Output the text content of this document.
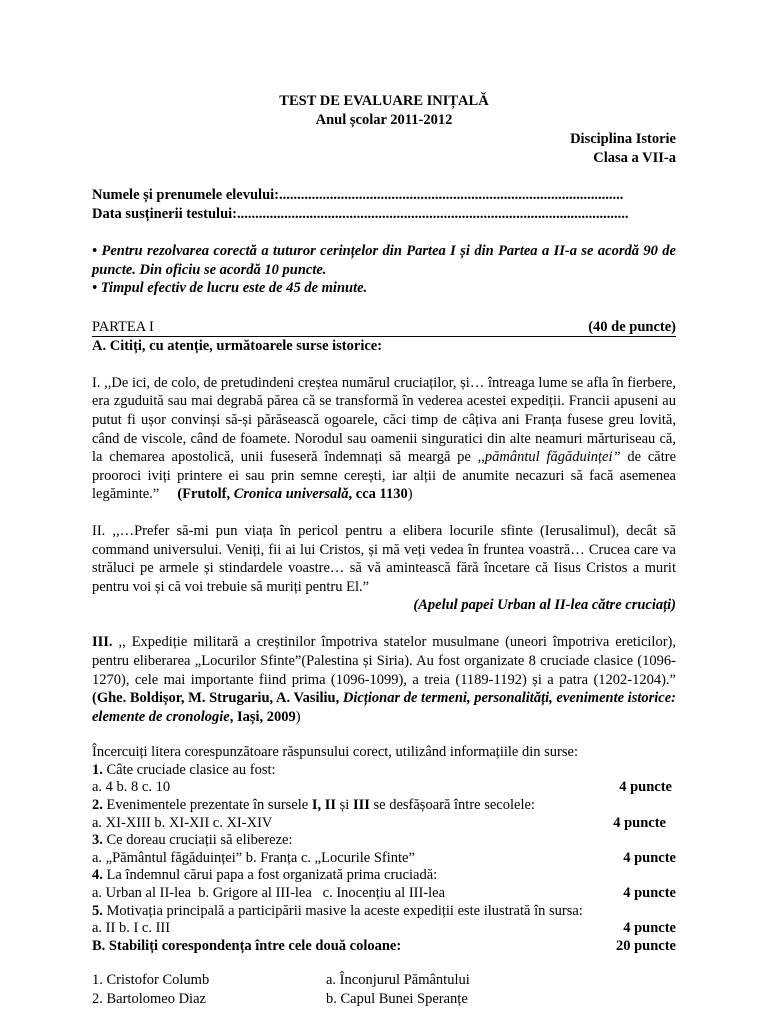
TEST DE EVALUARE INIȚALĂ
Anul școlar 2011-2012
Disciplina Istorie
Clasa a VII-a
Numele și prenumele elevului:...............................................................................................
Data susținerii testului:............................................................................................................
• Pentru rezolvarea corectă a tuturor cerințelor din Partea I și din Partea a II-a se acordă 90 de puncte. Din oficiu se acordă 10 puncte.
• Timpul efectiv de lucru este de 45 de minute.
PARTEA I	(40 de puncte)
A. Citiți, cu atenție, următoarele surse istorice:
I. ,,De ici, de colo, de pretudindeni creștea numărul cruciaților, și… întreaga lume se afla în fierbere, era zguduită sau mai degrabă părea că se transformă în vederea acestei expediții. Francii apuseni au putut fi ușor convinși să-și părăsească ogoarele, căci timp de câțiva ani Franța fusese greu lovită, când de viscole, când de foamete. Norodul sau oamenii singuratici din alte neamuri mărturiseau că, la chemarea apostolică, unii fuseseră îndemnați să meargă pe ,,pământul făgăduinței” de către prooroci iviți printere ei sau prin semne cerești, iar alții de anumite necazuri să facă asemenea legăminte.” (Frutolf, Cronica universală, cca 1130)
II. ,,…Prefer să-mi pun viața în pericol pentru a elibera locurile sfinte (Ierusalimul), decât să command universului. Veniți, fii ai lui Cristos, și mă veți vedea în fruntea voastră… Crucea care va străluci pe armele și stindardele voastre… să vă amintească fără încetare că Iisus Cristos a murit pentru voi și că voi trebuie să muriți pentru El.”
(Apelul papei Urban al II-lea către cruciați)
III. ,, Expediție militară a creștinilor împotriva statelor musulmane (uneori împotriva ereticilor), pentru eliberarea „Locurilor Sfinte”(Palestina și Siria). Au fost organizate 8 cruciade clasice (1096-1270), cele mai importante fiind prima (1096-1099), a treia (1189-1192) și a patra (1202-1204).” (Ghe. Boldișor, M. Strugariu, A. Vasiliu, Dicționar de termeni, personalități, evenimente istorice: elemente de cronologie, Iași, 2009)
Încercuiți litera corespunzătoare răspunsului corect, utilizând informațiile din surse:
1. Câte cruciade clasice au fost:
a. 4 b. 8 c. 10	4 puncte
2. Evenimentele prezentate în sursele I, II și III se desfășoară între secolele:
a. XI-XIII b. XI-XII c. XI-XIV	4 puncte
3. Ce doreau cruciații să elibereze:
a. „Pământul făgăduinței” b. Franța c. „Locurile Sfinte”	4 puncte
4. La îndemnul cărui papa a fost organizată prima cruciadă:
a. Urban al II-lea  b. Grigore al III-lea   c. Inocențiu al III-lea	4 puncte
5. Motivația principală a participării masive la aceste expediții este ilustrată în sursa:
a. II b. I c. III	4 puncte
B. Stabiliți corespondența între cele două coloane:	20 puncte
1. Cristofor Columb	a. Înconjurul Pământului
2. Bartolomeo Diaz	b. Capul Bunei Speranțe
